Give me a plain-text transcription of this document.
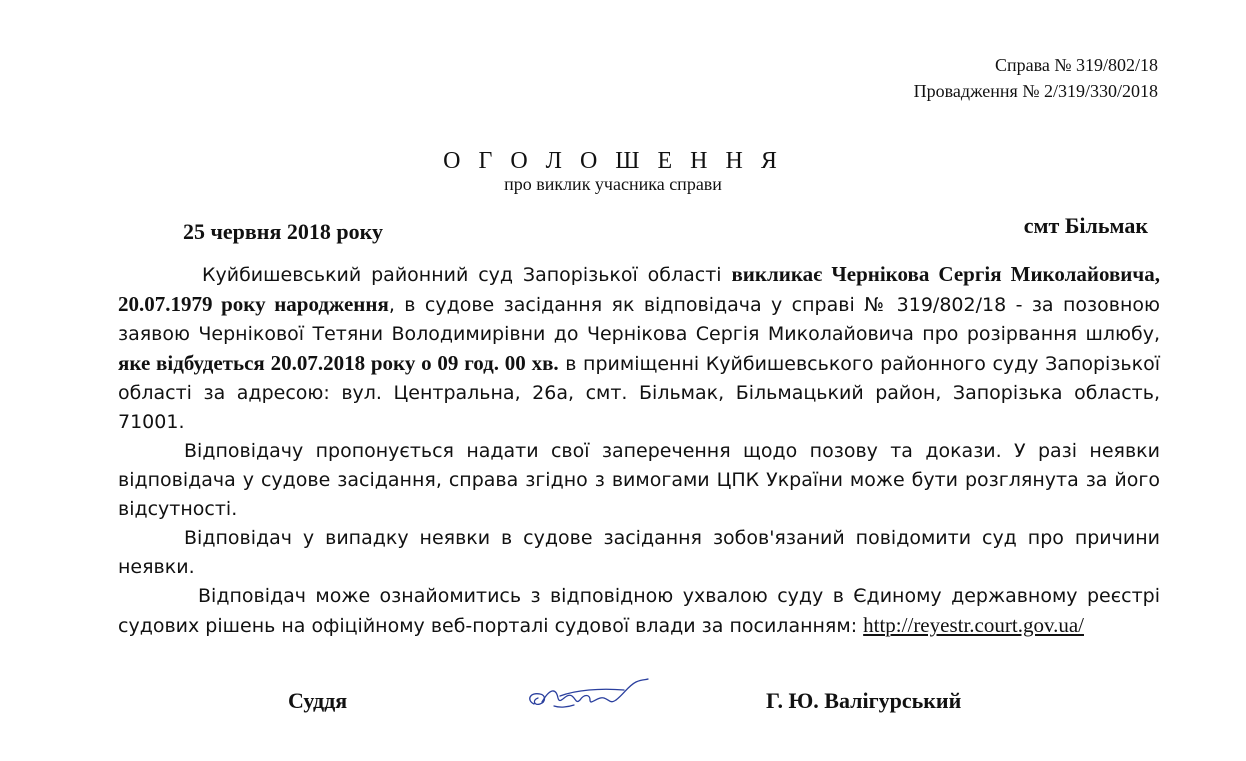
Справа № 319/802/18
Провадження № 2/319/330/2018
О Г О Л О Ш Е Н Н Я
про виклик учасника справи
25 червня 2018 року	смт Більмак

Куйбишевський районний суд Запорізької області викликає Чернікова Сергія Миколайовича, 20.07.1979 року народження, в судове засідання як відповідача у справі № 319/802/18 - за позовною заявою Чернікової Тетяни Володимирівни до Чернікова Сергія Миколайовича про розірвання шлюбу, яке відбудеться 20.07.2018 року о 09 год. 00 хв. в приміщенні Куйбишевського районного суду Запорізької області за адресою: вул. Центральна, 26а, смт. Більмак, Більмацький район, Запорізька область, 71001.

Відповідачу пропонується надати свої заперечення щодо позову та докази. У разі неявки відповідача у судове засідання, справа згідно з вимогами ЦПК України може бути розглянута за його відсутності.

Відповідач у випадку неявки в судове засідання зобов'язаний повідомити суд про причини неявки.

Відповідач може ознайомитись з відповідною ухвалою суду в Єдиному державному реєстрі судових рішень на офіційному веб-порталі судової влади за посиланням: http://reyestr.court.gov.ua/

Суддя	Г. Ю. Валігурський
